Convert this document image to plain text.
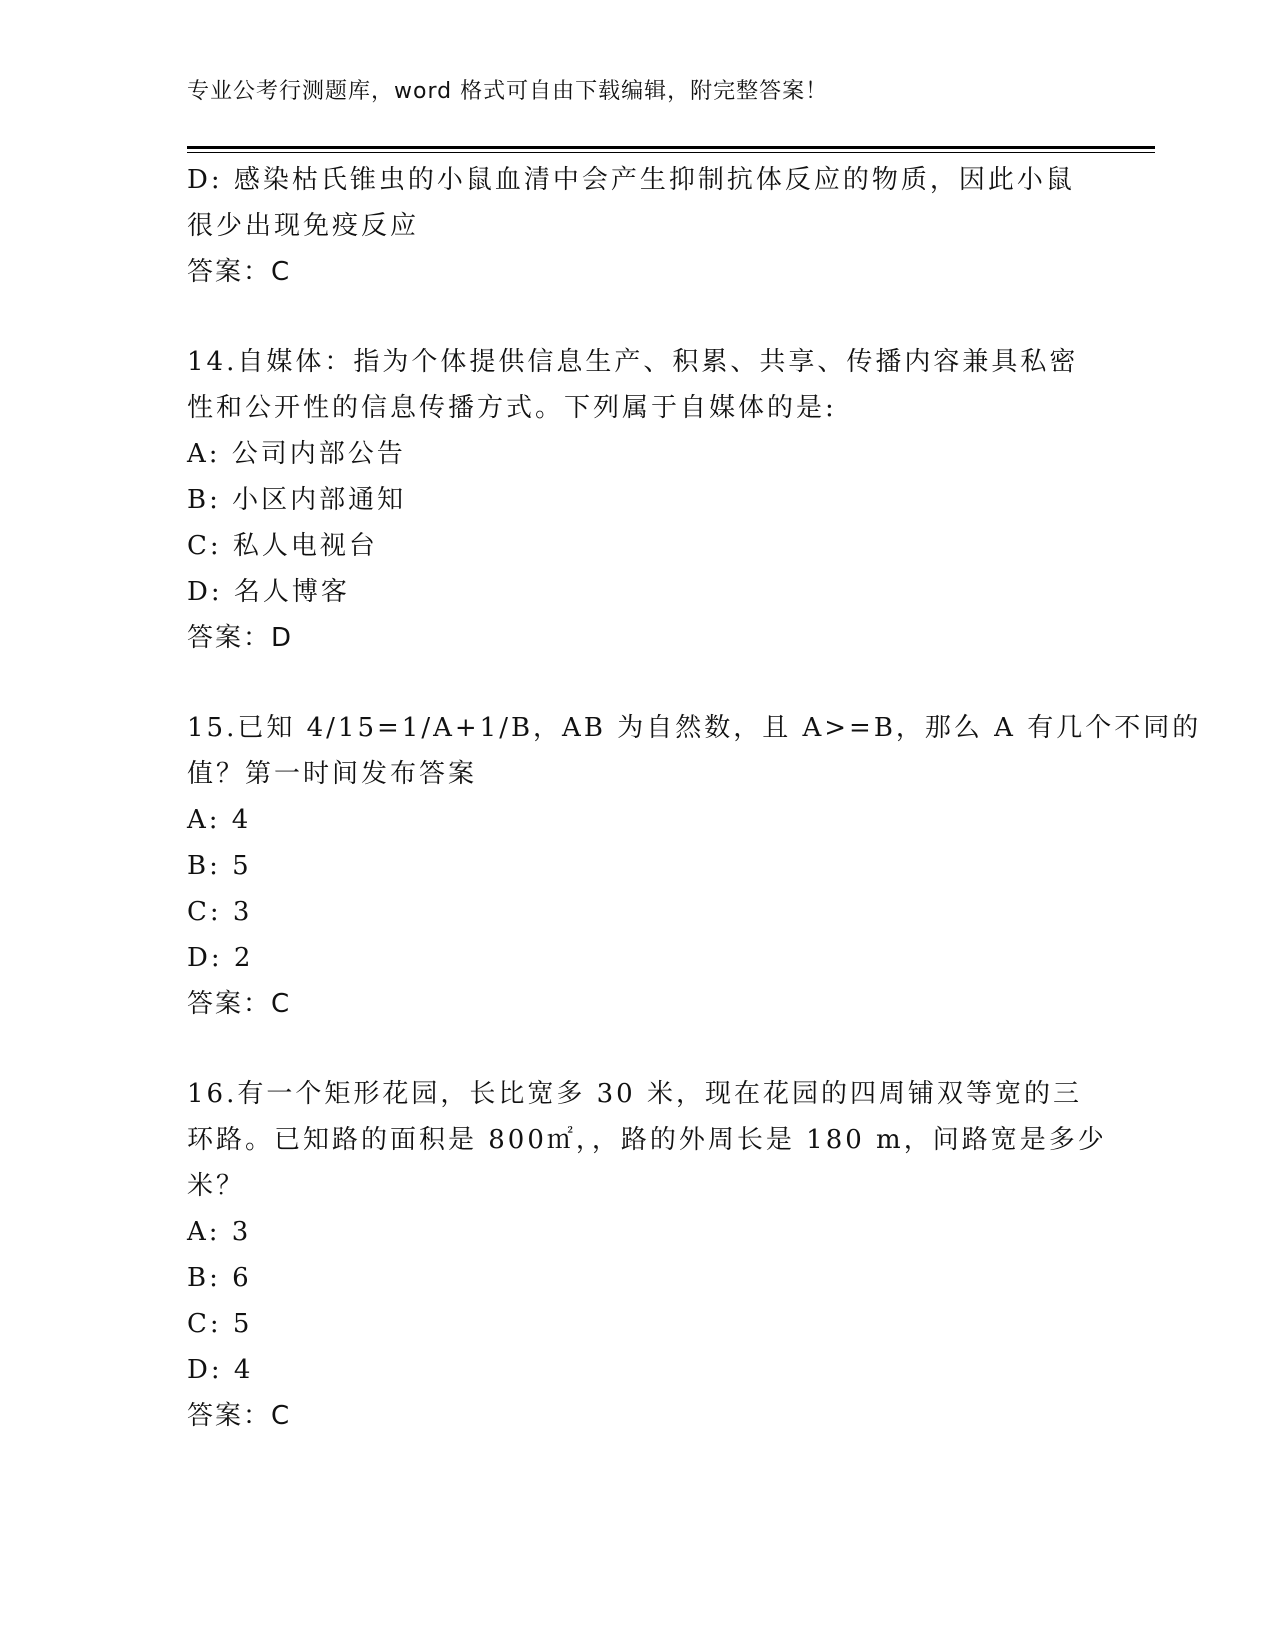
专业公考行测题库，word 格式可自由下载编辑，附完整答案！
D: 感染枯氏锥虫的小鼠血清中会产生抑制抗体反应的物质，因此小鼠
很少出现免疫反应
答案：C
14.自媒体：指为个体提供信息生产、积累、共享、传播内容兼具私密
性和公开性的信息传播方式。下列属于自媒体的是:
A: 公司内部公告
B: 小区内部通知
C: 私人电视台
D: 名人博客
答案：D
15.已知 4/15=1/A+1/B，AB 为自然数，且 A>=B，那么 A 有几个不同的
值？第一时间发布答案
A: 4
B: 5
C: 3
D: 2
答案：C
16.有一个矩形花园，长比宽多 30 米，现在花园的四周铺双等宽的三
环路。已知路的面积是 800㎡，，路的外周长是 180 m，问路宽是多少
米？
A: 3
B: 6
C: 5
D: 4
答案：C
